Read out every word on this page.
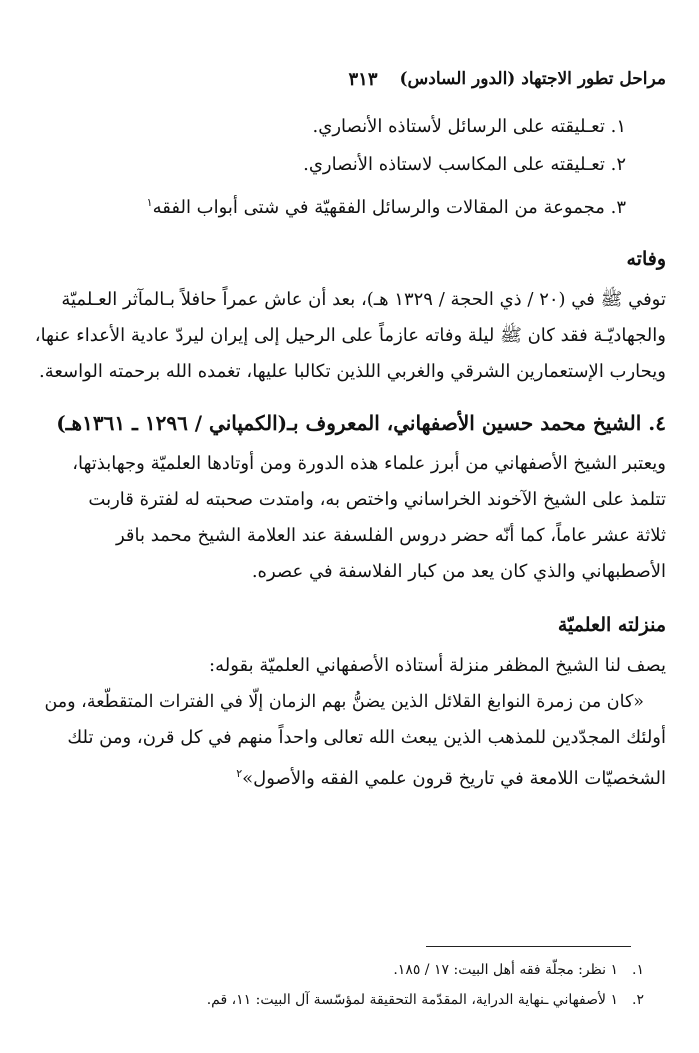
مراحل تطور الاجتهاد (الدور السادس)
٣١٣
١. تعـليقته على الرسائل لأستاذه الأنصاري.
٢. تعـليقته على المكاسب لاستاذه الأنصاري.
٣. مجموعة من المقالات والرسائل الفقهيّة في شتى أبواب الفقه$^١$
وفاته
توفي ﷺ في (٢٠ / ذي الحجة / ١٣٢٩ هـ)، بعد أن عاش عمراً حافلاً بـالمآثر العـلميّة
والجهاديّـة فقد كان ﷺ ليلة وفاته عازماً على الرحيل إلى إيران ليردّ عادية الأعداء عنها،
ويحارب الإستعمارين الشرقي والغربي اللذين تكالبا عليها، تغمده الله برحمته الواسعة.
٤. الشيخ محمد حسين الأصفهاني، المعروف بـ(الكمپاني / ١٢٩٦ ـ ١٣٦١هـ)
ويعتبر الشيخ الأصفهاني من أبرز علماء هذه الدورة ومن أوتادها العلميّة وجهابذتها،
تتلمذ على الشيخ الآخوند الخراساني واختص به، وامتدت صحبته له لفترة قاربت
ثلاثة عشر عاماً، كما أنّه حضر دروس الفلسفة عند العلامة الشيخ محمد باقر
الأصطبهاني والذي كان يعد من كبار الفلاسفة في عصره.
منزلته العلميّة
يصف لنا الشيخ المظفر منزلة أستاذه الأصفهاني العلميّة بقوله:
«كان من زمرة النوابغ القلائل الذين يضنُّ بهم الزمان إلّا في الفترات المتقطّعة، ومن
أولئك المجدّدين للمذهب الذين يبعث الله تعالى واحداً منهم في كل قرن، ومن تلك
الشخصيّات اللامعة في تاريخ قرون علمي الفقه والأصول»$^٢$
١.١ نظر: مجلّة فقه أهل البيت: ١٧ / ١٨٥.
٢.١ لأصفهاني ـنهاية الدراية، المقدّمة التحقيقة لمؤسّسة آل البيت: ١١، قم.
